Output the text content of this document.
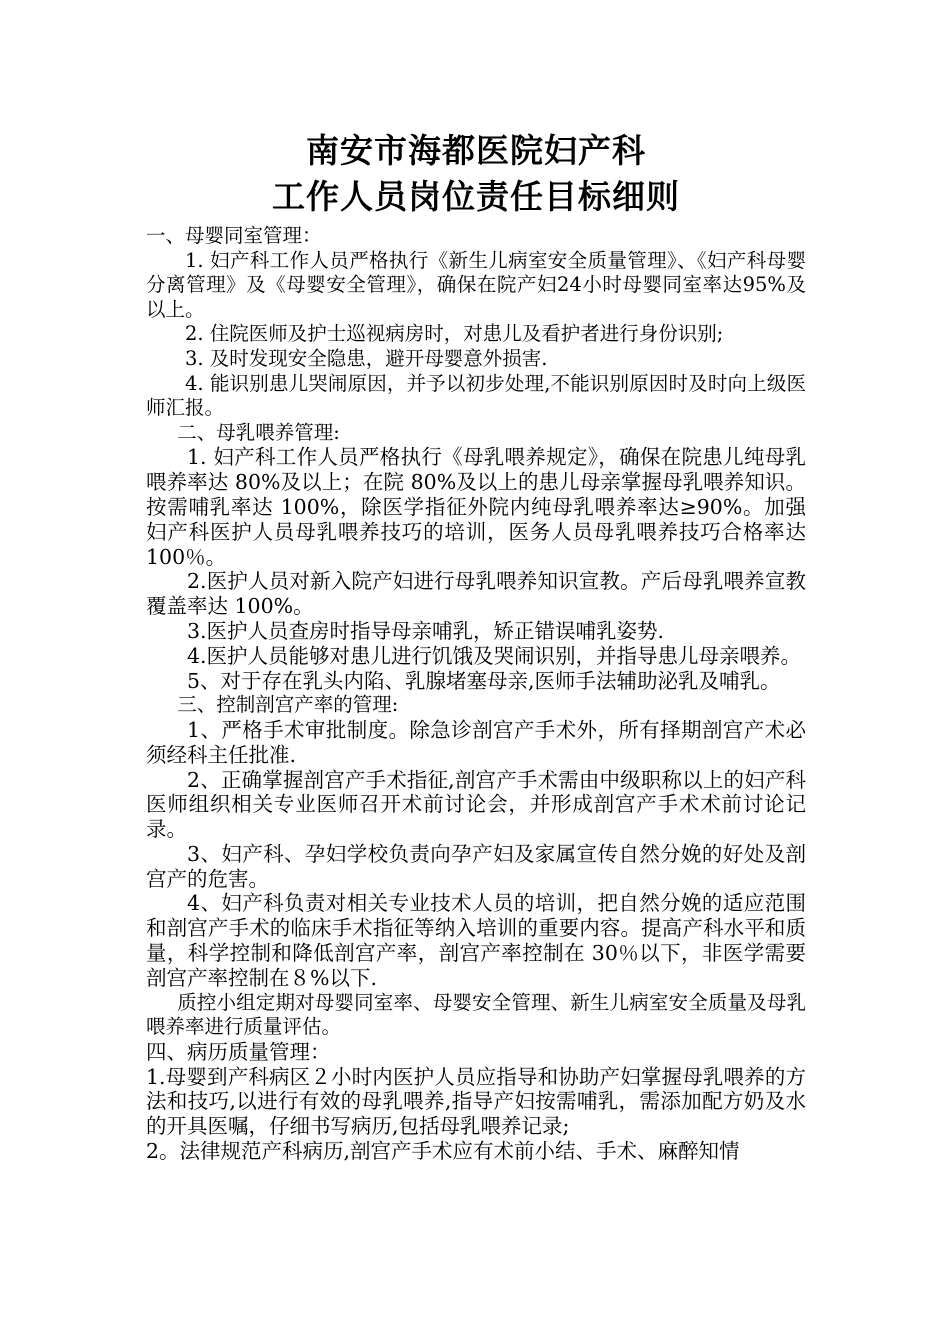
南安市海都医院妇产科
工作人员岗位责任目标细则

一、母婴同室管理：

1. 妇产科工作人员严格执行《新生儿病室安全质量管理》、《妇产科母婴分离管理》及《母婴安全管理》，确保在院产妇24小时母婴同室率达95%及以上。

2. 住院医师及护士巡视病房时，对患儿及看护者进行身份识别;

3. 及时发现安全隐患，避开母婴意外损害.

4. 能识别患儿哭闹原因，并予以初步处理,不能识别原因时及时向上级医师汇报。

二、母乳喂养管理:

1. 妇产科工作人员严格执行《母乳喂养规定》，确保在院患儿纯母乳喂养率达 80%及以上；在院 80%及以上的患儿母亲掌握母乳喂养知识。按需哺乳率达 100%，除医学指征外院内纯母乳喂养率达≥90%。加强妇产科医护人员母乳喂养技巧的培训，医务人员母乳喂养技巧合格率达 100％。

2.医护人员对新入院产妇进行母乳喂养知识宣教。产后母乳喂养宣教覆盖率达 100%。

3.医护人员查房时指导母亲哺乳，矫正错误哺乳姿势.

4.医护人员能够对患儿进行饥饿及哭闹识别，并指导患儿母亲喂养。

5、对于存在乳头内陷、乳腺堵塞母亲,医师手法辅助泌乳及哺乳。

三、控制剖宫产率的管理:

1、严格手术审批制度。除急诊剖宫产手术外，所有择期剖宫产术必须经科主任批准.

2、正确掌握剖宫产手术指征,剖宫产手术需由中级职称以上的妇产科医师组织相关专业医师召开术前讨论会，并形成剖宫产手术术前讨论记录。

3、妇产科、孕妇学校负责向孕产妇及家属宣传自然分娩的好处及剖宫产的危害。

4、妇产科负责对相关专业技术人员的培训，把自然分娩的适应范围和剖宫产手术的临床手术指征等纳入培训的重要内容。提高产科水平和质量，科学控制和降低剖宫产率，剖宫产率控制在 30％以下，非医学需要剖宫产率控制在８%以下.

质控小组定期对母婴同室率、母婴安全管理、新生儿病室安全质量及母乳喂养率进行质量评估。

四、病历质量管理：

1.母婴到产科病区２小时内医护人员应指导和协助产妇掌握母乳喂养的方法和技巧,以进行有效的母乳喂养,指导产妇按需哺乳，需添加配方奶及水的开具医嘱，仔细书写病历,包括母乳喂养记录;

2。法律规范产科病历,剖宫产手术应有术前小结、手术、麻醉知情
